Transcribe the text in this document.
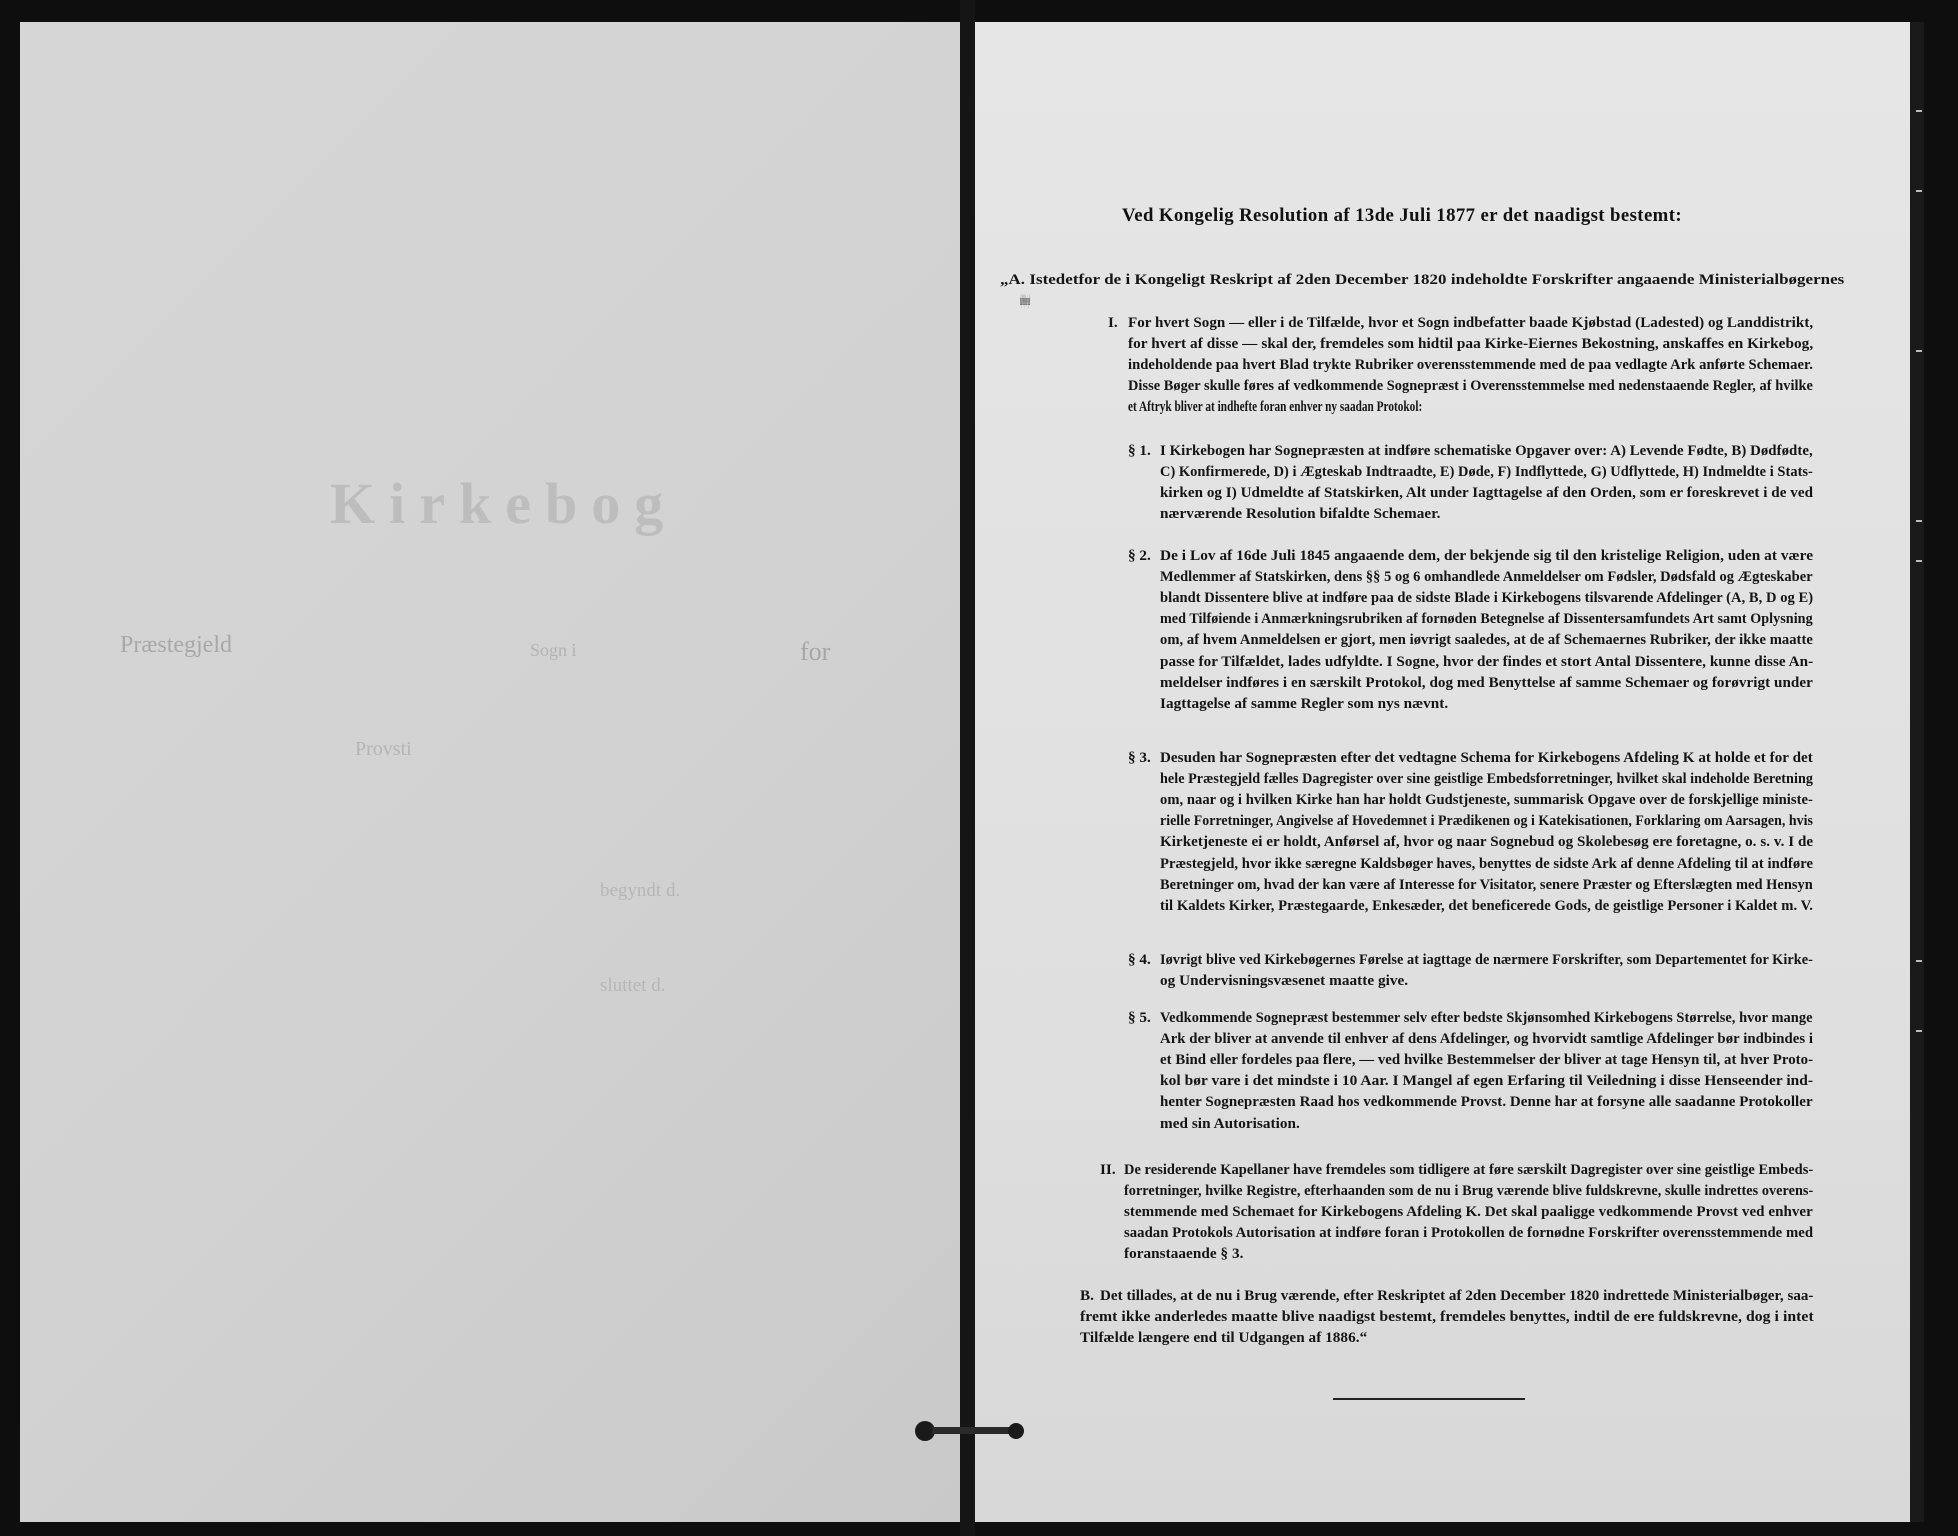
Kirkebog
Præstegjeld	Sogn i	for
Provsti
begyndt d.
sluttet d.
Ved Kongelig Resolution af 13de Juli 1877 er det naadigst bestemt:
„A. Istedetfor de i Kongeligt Reskript af 2den December 1820 indeholdte Forskrifter angaaende Ministerialbøgernes
Indretning skulle for Fremtiden følgende Bestemmelser være gjældende:
I. For hvert Sogn — eller i de Tilfælde, hvor et Sogn indbefatter baade Kjøbstad (Ladested) og Landdistrikt,
for hvert af disse — skal der, fremdeles som hidtil paa Kirke-Eiernes Bekostning, anskaffes en Kirkebog,
indeholdende paa hvert Blad trykte Rubriker overensstemmende med de paa vedlagte Ark anførte Schemaer.
Disse Bøger skulle føres af vedkommende Sognepræst i Overensstemmelse med nedenstaaende Regler, af hvilke
et Aftryk bliver at indhefte foran enhver ny saadan Protokol:
§ 1. I Kirkebogen har Sognepræsten at indføre schematiske Opgaver over: A) Levende Fødte, B) Dødfødte,
C) Konfirmerede, D) i Ægteskab Indtraadte, E) Døde, F) Indflyttede, G) Udflyttede, H) Indmeldte i Stats-
kirken og I) Udmeldte af Statskirken, Alt under Iagttagelse af den Orden, som er foreskrevet i de ved
nærværende Resolution bifaldte Schemaer.
§ 2. De i Lov af 16de Juli 1845 angaaende dem, der bekjende sig til den kristelige Religion, uden at være
Medlemmer af Statskirken, dens §§ 5 og 6 omhandlede Anmeldelser om Fødsler, Dødsfald og Ægteskaber
blandt Dissentere blive at indføre paa de sidste Blade i Kirkebogens tilsvarende Afdelinger (A, B, D og E)
med Tilføiende i Anmærkningsrubriken af fornøden Betegnelse af Dissentersamfundets Art samt Oplysning
om, af hvem Anmeldelsen er gjort, men iøvrigt saaledes, at de af Schemaernes Rubriker, der ikke maatte
passe for Tilfældet, lades udfyldte. I Sogne, hvor der findes et stort Antal Dissentere, kunne disse An-
meldelser indføres i en særskilt Protokol, dog med Benyttelse af samme Schemaer og forøvrigt under
Iagttagelse af samme Regler som nys nævnt.
§ 3. Desuden har Sognepræsten efter det vedtagne Schema for Kirkebogens Afdeling K at holde et for det
hele Præstegjeld fælles Dagregister over sine geistlige Embedsforretninger, hvilket skal indeholde Beretning
om, naar og i hvilken Kirke han har holdt Gudstjeneste, summarisk Opgave over de forskjellige ministe-
rielle Forretninger, Angivelse af Hovedemnet i Prædikenen og i Katekisationen, Forklaring om Aarsagen, hvis
Kirketjeneste ei er holdt, Anførsel af, hvor og naar Sognebud og Skolebesøg ere foretagne, o. s. v. I de
Præstegjeld, hvor ikke særegne Kaldsbøger haves, benyttes de sidste Ark af denne Afdeling til at indføre
Beretninger om, hvad der kan være af Interesse for Visitator, senere Præster og Efterslægten med Hensyn
til Kaldets Kirker, Præstegaarde, Enkesæder, det beneficerede Gods, de geistlige Personer i Kaldet m. V.
§ 4. Iøvrigt blive ved Kirkebøgernes Førelse at iagttage de nærmere Forskrifter, som Departementet for Kirke-
og Undervisningsvæsenet maatte give.
§ 5. Vedkommende Sognepræst bestemmer selv efter bedste Skjønsomhed Kirkebogens Størrelse, hvor mange
Ark der bliver at anvende til enhver af dens Afdelinger, og hvorvidt samtlige Afdelinger bør indbindes i
et Bind eller fordeles paa flere, — ved hvilke Bestemmelser der bliver at tage Hensyn til, at hver Proto-
kol bør vare i det mindste i 10 Aar. I Mangel af egen Erfaring til Veiledning i disse Henseender ind-
henter Sognepræsten Raad hos vedkommende Provst. Denne har at forsyne alle saadanne Protokoller
med sin Autorisation.
II. De residerende Kapellaner have fremdeles som tidligere at føre særskilt Dagregister over sine geistlige Embeds-
forretninger, hvilke Registre, efterhaanden som de nu i Brug værende blive fuldskrevne, skulle indrettes overens-
stemmende med Schemaet for Kirkebogens Afdeling K. Det skal paaligge vedkommende Provst ved enhver
saadan Protokols Autorisation at indføre foran i Protokollen de fornødne Forskrifter overensstemmende med
foranstaaende § 3.
B. Det tillades, at de nu i Brug værende, efter Reskriptet af 2den December 1820 indrettede Ministerialbøger, saa-
fremt ikke anderledes maatte blive naadigst bestemt, fremdeles benyttes, indtil de ere fuldskrevne, dog i intet
Tilfælde længere end til Udgangen af 1886.“
